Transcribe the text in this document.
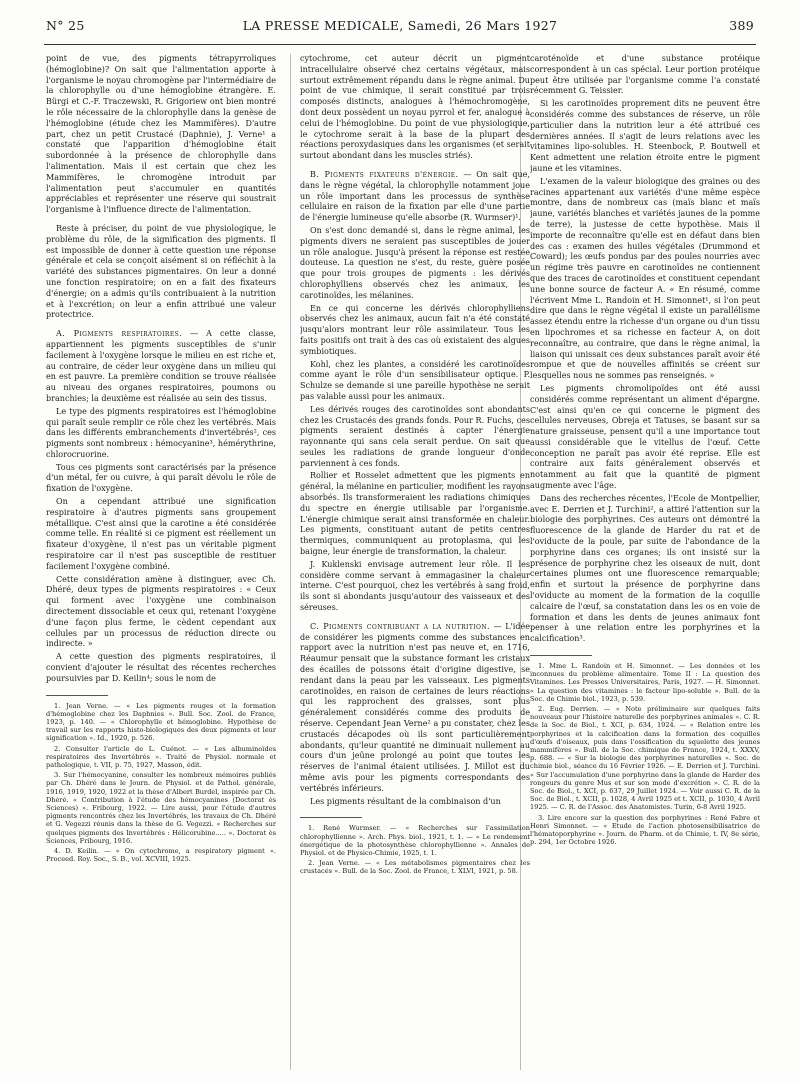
N° 25	LA PRESSE MEDICALE, Samedi, 26 Mars 1927	389

point de vue, des pigments tétrapyrroliques (hémoglobine)? On sait que l'alimentation apporte à l'organisme le noyau chromogène par l'intermédiaire de la chlorophylle ou d'une hémoglobine étrangère. E. Bürgi et C.-F. Traczewski, R. Grigoriew ont bien montré le rôle nécessaire de la chlorophylle dans la genèse de l'hémoglobine (étude chez les Mammifères). D'autre part, chez un petit Crustacé (Daphnie), J. Verne¹ a constaté que l'apparition d'hémoglobine était subordonnée à la présence de chlorophylle dans l'alimentation. Mais il est certain que chez les Mammifères, le chromogène introduit par l'alimentation peut s'accumuler en quantités appréciables et représenter une réserve qui soustrait l'organisme à l'influence directe de l'alimentation.

Reste à préciser, du point de vue physiologique, le problème du rôle, de la signification des pigments. Il est impossible de donner à cette question une réponse générale et cela se conçoit aisément si on réfléchit à la variété des substances pigmentaires. On leur a donné une fonction respiratoire; on en a fait des fixateurs d'énergie; on a admis qu'ils contribuaient à la nutrition et à l'excrétion; on leur a enfin attribué une valeur protectrice.

A. Pigments respiratoires. — A cette classe, appartiennent les pigments susceptibles de s'unir facilement à l'oxygène lorsque le milieu en est riche et, au contraire, de céder leur oxygène dans un milieu qui en est pauvre. La première condition se trouve réalisée au niveau des organes respiratoires, poumons ou branchies; la deuxième est réalisée au sein des tissus.

Le type des pigments respiratoires est l'hémoglobine qui paraît seule remplir ce rôle chez les vertébrés. Mais dans les différents embranchements d'invertébrés², ces pigments sont nombreux : hémocyanine³, hémérythrine, chlorocruorine.

Tous ces pigments sont caractérisés par la présence d'un métal, fer ou cuivre, à qui paraît dévolu le rôle de fixation de l'oxygène.

On a cependant attribué une signification respiratoire à d'autres pigments sans groupement métallique. C'est ainsi que la carotine a été considérée comme telle. En réalité si ce pigment est réellement un fixateur d'oxygène, il n'est pas un véritable pigment respiratoire car il n'est pas susceptible de restituer facilement l'oxygène combiné.

Cette considération amène à distinguer, avec Ch. Dhéré, deux types de pigments respiratoires : « Ceux qui forment avec l'oxygène une combinaison directement dissociable et ceux qui, retenant l'oxygène d'une façon plus ferme, le cèdent cependant aux cellules par un processus de réduction directe ou indirecte. »

A cette question des pigments respiratoires, il convient d'ajouter le résultat des récentes recherches poursuivies par D. Keilin⁴; sous le nom de

1. Jean Verne. — « Les pigments rouges et la formation d'hémoglobine chez les Daphnies ». Bull. Soc. Zool. de France, 1923, p. 140. — « Chlorophylle et hémoglobine. Hypothèse de travail sur les rapports histo-biologiques des deux pigments et leur signification ». Id., 1920, p. 526.

2. Consulter l'article de L. Cuénot. — « Les albuminoïdes respiratoires des Invertébrés ». Traité de Physiol. normale et pathologique, t. VII, p. 75, 1927, Masson, édit.

3. Sur l'hémocyanine, consulter les nombreux mémoires publiés par Ch. Dhéré dans le Journ. de Physiol. et de Pathol. générale, 1916, 1919, 1920, 1922 et la thèse d'Albert Burdel, inspirée par Ch. Dhéré. « Contribution à l'étude des hémocyanines (Doctorat ès Sciences) ». Fribourg, 1922. — Lire aussi, pour l'étude d'autres pigments rencontrés chez les Invertébrés, les travaux de Ch. Dhéré et G. Vegezzi réunis dans la thèse de G. Vegezzi. « Recherches sur quelques pigments des Invertébrés : Hélicorubine..... ». Doctorat ès Sciences, Fribourg, 1916.

4. D. Keilin. — « On cytochrome, a respiratory pigment ». Proceed. Roy. Soc., S. B., vol. XCVIII, 1925.

cytochrome, cet auteur décrit un pigment intracellulaire observé chez certains végétaux, mais surtout extrêmement répandu dans le règne animal. Du point de vue chimique, il serait constitué par trois composés distincts, analogues à l'hémochromogène, dont deux possèdent un noyau pyrrol et fer, analogue à celui de l'hémoglobine. Du point de vue physiologique, le cytochrome serait à la base de la plupart des réactions peroxydasiques dans les organismes (et serait surtout abondant dans les muscles striés).

B. Pigments fixateurs d'énergie. — On sait que, dans le règne végétal, la chlorophylle notamment joue un rôle important dans les processus de synthèse cellulaire en raison de la fixation par elle d'une partie de l'énergie lumineuse qu'elle absorbe (R. Wurmser)¹.

On s'est donc demandé si, dans le règne animal, les pigments divers ne seraient pas susceptibles de jouer un rôle analogue. Jusqu'à présent la réponse est restée douteuse. La question ne s'est, du reste, guère posée que pour trois groupes de pigments : les dérivés chlorophylliens observés chez les animaux, les carotinoïdes, les mélanines.

En ce qui concerne les dérivés chlorophylliens observés chez les animaux, aucun fait n'a été constaté jusqu'alors montrant leur rôle assimilateur. Tous les faits positifs ont trait à des cas où existaient des algues symbiotiques.

Kohl, chez les plantes, a considéré les carotinoïdes comme ayant le rôle d'un sensibilisateur optique. P. Schulze se demande si une pareille hypothèse ne serait pas valable aussi pour les animaux.

Les dérivés rouges des carotinoïdes sont abondants chez les Crustacés des grands fonds. Pour R. Fuchs, ces pigments seraient destinés à capter l'énergie rayonnante qui sans cela serait perdue. On sait que seules les radiations de grande longueur d'onde parviennent à ces fonds.

Rollier et Rosselet admettent que les pigments en général, la mélanine en particulier, modifient les rayons absorbés. Ils transformeraient les radiations chimiques du spectre en énergie utilisable par l'organisme. L'énergie chimique serait ainsi transformée en chaleur. Les pigments, constituant autant de petits centres thermiques, communiquent au protoplasma, qui les baigne, leur énergie de transformation, la chaleur.

J. Kuklenski envisage autrement leur rôle. Il les considère comme servant à emmagasiner la chaleur interne. C'est pourquoi, chez les vertébrés à sang froid, ils sont si abondants jusqu'autour des vaisseaux et des séreuses.

C. Pigments contribuant a la nutrition. — L'idée de considérer les pigments comme des substances en rapport avec la nutrition n'est pas neuve et, en 1716, Réaumur pensait que la substance formant les cristaux des écailles de poissons était d'origine digestive, se rendant dans la peau par les vaisseaux. Les pigments carotinoïdes, en raison de certaines de leurs réactions qui les rapprochent des graisses, sont plus généralement considérés comme des produits de réserve. Cependant Jean Verne² a pu constater, chez les crustacés décapodes où ils sont particulièrement abondants, qu'leur quantité ne diminuait nullement au cours d'un jeûne prolongé au point que toutes les réserves de l'animal étaient utilisées. J. Millot est du même avis pour les pigments correspondants des vertébrés inférieurs.

Les pigments résultant de la combinaison d'un

1. René Wurmser. — « Recherches sur l'assimilation chlorophyllienne ». Arch. Phys. biol., 1921, t. 1. — « Le rendement énergétique de la photosynthèse chlorophyllienne ». Annales de Physiol. et de Physico-Chimie, 1925, t. 1.

2. Jean Verne. — « Les métabolismes pigmentaires chez les crustacés ». Bull. de la Soc. Zool. de France, t. XLVI, 1921, p. 58.

caroténoïde et d'une substance protéique correspondent à un cas spécial. Leur portion protéique peut être utilisée par l'organisme comme l'a constaté récemment G. Teissier.

Si les carotinoïdes proprement dits ne peuvent être considérés comme des substances de réserve, un rôle particulier dans la nutrition leur a été attribué ces dernières années. Il s'agit de leurs relations avec les vitamines lipo-solubles. H. Steenbock, P. Boutwell et Kent admettent une relation étroite entre le pigment jaune et les vitamines.

L'examen de la valeur biologique des graines ou des racines appartenant aux variétés d'une même espèce montre, dans de nombreux cas (maïs blanc et maïs jaune, variétés blanches et variétés jaunes de la pomme de terre), la justesse de cette hypothèse. Mais il importe de reconnaître qu'elle est en défaut dans bien des cas : examen des huiles végétales (Drummond et Coward); les œufs pondus par des poules nourries avec un régime très pauvre en carotinoïdes ne contiennent que des traces de carotinoïdes et constituent cependant une bonne source de facteur A. « En résumé, comme l'écrivent Mme L. Randoin et H. Simonnet¹, si l'on peut dire que dans le règne végétal il existe un parallélisme assez étendu entre la richesse d'un organe ou d'un tissu en lipochromes et sa richesse en facteur A, on doit reconnaître, au contraire, que dans le règne animal, la liaison qui unissait ces deux substances paraît avoir été rompue et que de nouvelles affinités se créent sur lesquelles nous ne sommes pas renseignés. »

Les pigments chromolipoïdes ont été aussi considérés comme représentant un aliment d'épargne. C'est ainsi qu'en ce qui concerne le pigment des cellules nerveuses, Obreja et Tatuses, se basant sur sa nature graisseuse, pensent qu'il a une importance tout aussi considérable que le vitellus de l'œuf. Cette conception ne paraît pas avoir été reprise. Elle est contraire aux faits généralement observés et notamment au fait que la quantité de pigment augmente avec l'âge.

Dans des recherches récentes, l'Ecole de Montpellier, avec E. Derrien et J. Turchini², a attiré l'attention sur la biologie des porphyrines. Ces auteurs ont démontré la fluorescence de la glande de Harder du rat et de l'oviducte de la poule, par suite de l'abondance de la porphyrine dans ces organes; ils ont insisté sur la présence de porphyrine chez les oiseaux de nuit, dont certaines plumes ont une fluorescence remarquable; enfin et surtout la présence de porphyrine dans l'oviducte au moment de la formation de la coquille calcaire de l'œuf, sa constatation dans les os en voie de formation et dans les dents de jeunes animaux font penser à une relation entre les porphyrines et la calcification³.

1. Mme L. Randoin et H. Simonnet. — Les données et les inconnues du problème alimentaire. Tome II : La question des Vitamines. Les Presses Universitaires, Paris, 1927. — H. Simonnet. « La question des vitamines : le facteur lipo-soluble ». Bull. de la Soc. de Chimie biol., 1923, p. 539.

2. Eug. Derrien. — « Note préliminaire sur quelques faits nouveaux pour l'histoire naturelle des porphyrines animales ». C. R. de la Soc. de Biol., t. XCI, p. 634, 1924. — « Relation entre les porphyrines et la calcification dans la formation des coquilles d'œufs d'oiseaux, puis dans l'ossification du squelette des jeunes mammifères ». Bull. de la Soc. chimique de France, 1924, t. XXXV, p. 688. — « Sur la biologie des porphyrines naturelles ». Soc. de chimie biol., séance du 16 Février 1926. — E. Derrien et J. Turchini. « Sur l'accumulation d'une porphyrine dans la glande de Harder des rongeurs du genre Mus et sur son mode d'excrétion ». C. R. de la Soc. de Biol., t. XCI, p. 637, 29 Juillet 1924. — Voir aussi C. R. de la Soc. de Biol., t. XCII, p. 1028, 4 Avril 1925 et t. XCII, p. 1030, 4 Avril 1925. — C. R. de l'Assoc. des Anatomistes. Turin, 6-8 Avril 1925.

3. Lire encore sur la question des porphyrines : René Fabre et Henri Simonnet. — « Etude de l'action photosensibilisatrice de l'hématoporphyrine ». Journ. de Pharm. et de Chimie, t. IV, 8e série, p. 294, 1er Octobre 1926.
